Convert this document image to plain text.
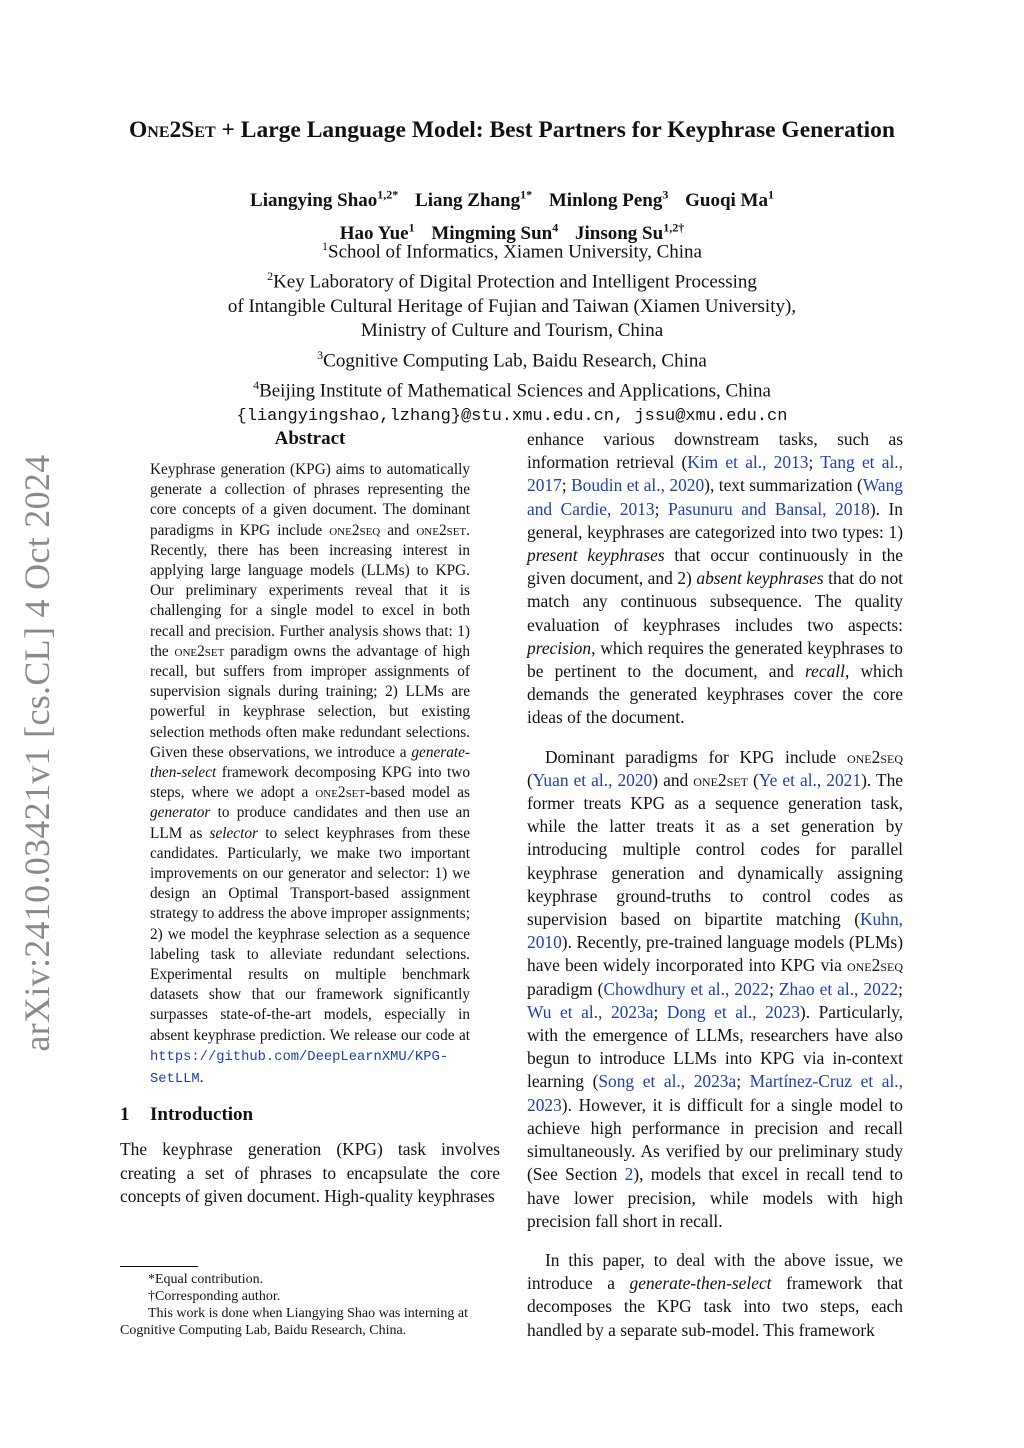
arXiv:2410.03421v1 [cs.CL] 4 Oct 2024
One2Set + Large Language Model: Best Partners for Keyphrase Generation
Liangying Shao$^{1,2*}$ Liang Zhang$^{1*}$ Minlong Peng$^3$ Guoqi Ma$^1$
Hao Yue$^1$ Mingming Sun$^4$ Jinsong $Su^{1,2\dagger}$
$^1$School of Informatics, Xiamen University, China
$^2$Key Laboratory of Digital Protection and Intelligent Processing
of Intangible Cultural Heritage of Fujian and Taiwan (Xiamen University),
Ministry of Culture and Tourism, China
$^3$Cognitive Computing Lab, Baidu Research, China
$^4$Beijing Institute of Mathematical Sciences and Applications, China
{liangyingshao,lzhang}@stu.xmu.edu.cn, jssu@xmu.edu.cn
Abstract
Keyphrase generation (KPG) aims to automatically generate a collection of phrases representing the core concepts of a given document. The dominant paradigms in KPG include one2seq and one2set. Recently, there has been increasing interest in applying large language models (LLMs) to KPG. Our preliminary experiments reveal that it is challenging for a single model to excel in both recall and precision. Further analysis shows that: 1) the one2set paradigm owns the advantage of high recall, but suffers from improper assignments of supervision signals during training; 2) LLMs are powerful in keyphrase selection, but existing selection methods often make redundant selections. Given these observations, we introduce a generate-then-select framework decomposing KPG into two steps, where we adopt a one2set-based model as generator to produce candidates and then use an LLM as selector to select keyphrases from these candidates. Particularly, we make two important improvements on our generator and selector: 1) we design an Optimal Transport-based assignment strategy to address the above improper assignments; 2) we model the keyphrase selection as a sequence labeling task to alleviate redundant selections. Experimental results on multiple benchmark datasets show that our framework significantly surpasses state-of-the-art models, especially in absent keyphrase prediction. We release our code at https://github.com/DeepLearnXMU/KPG-SetLLM.
1 Introduction

The keyphrase generation (KPG) task involves creating a set of phrases to encapsulate the core concepts of given document. High-quality keyphrases

*Equal contribution.

†Corresponding author.

This work is done when Liangying Shao was interning at Cognitive Computing Lab, Baidu Research, China.

enhance various downstream tasks, such as information retrieval (Kim et al., 2013; Tang et al., 2017; Boudin et al., 2020), text summarization (Wang and Cardie, 2013; Pasunuru and Bansal, 2018). In general, keyphrases are categorized into two types: 1) present keyphrases that occur continuously in the given document, and 2) absent keyphrases that do not match any continuous subsequence. The quality evaluation of keyphrases includes two aspects: precision, which requires the generated keyphrases to be pertinent to the document, and recall, which demands the generated keyphrases cover the core ideas of the document.

Dominant paradigms for KPG include one2seq (Yuan et al., 2020) and one2set (Ye et al., 2021). The former treats KPG as a sequence generation task, while the latter treats it as a set generation by introducing multiple control codes for parallel keyphrase generation and dynamically assigning keyphrase ground-truths to control codes as supervision based on bipartite matching (Kuhn, 2010). Recently, pre-trained language models (PLMs) have been widely incorporated into KPG via one2seq paradigm (Chowdhury et al., 2022; Zhao et al., 2022; Wu et al., 2023a; Dong et al., 2023). Particularly, with the emergence of LLMs, researchers have also begun to introduce LLMs into KPG via in-context learning (Song et al., 2023a; Martínez-Cruz et al., 2023). However, it is difficult for a single model to achieve high performance in precision and recall simultaneously. As verified by our preliminary study (See Section 2), models that excel in recall tend to have lower precision, while models with high precision fall short in recall.

In this paper, to deal with the above issue, we introduce a generate-then-select framework that decomposes the KPG task into two steps, each handled by a separate sub-model. This framework
